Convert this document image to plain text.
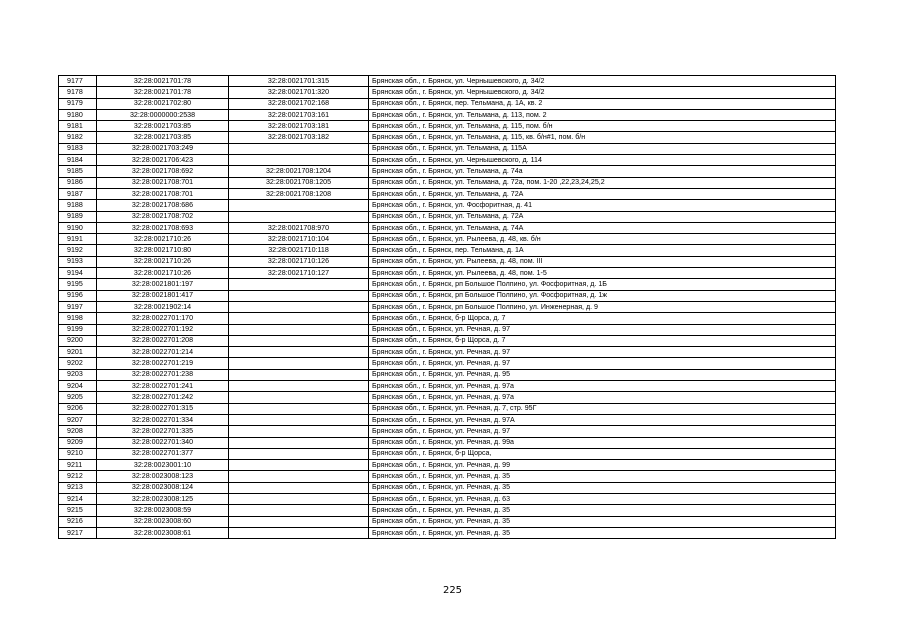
9177	32:28:0021701:78	32:28:0021701:315	Брянская обл., г. Брянск, ул. Чернышевского, д. 34/2
9178	32:28:0021701:78	32:28:0021701:320	Брянская обл., г. Брянск, ул. Чернышевского, д. 34/2
9179	32:28:0021702:80	32:28:0021702:168	Брянская обл., г. Брянск, пер. Тельмана, д. 1А, кв. 2
9180	32:28:0000000:2538	32:28:0021703:161	Брянская обл., г. Брянск, ул. Тельмана, д. 113, пом. 2
9181	32:28:0021703:85	32:28:0021703:181	Брянская обл., г. Брянск, ул. Тельмана, д. 115, пом. б/н
9182	32:28:0021703:85	32:28:0021703:182	Брянская обл., г. Брянск, ул. Тельмана, д. 115, кв. б/н#1, пом. б/н
9183	32:28:0021703:249		Брянская обл., г. Брянск, ул. Тельмана, д. 115А
9184	32:28:0021706:423		Брянская обл., г. Брянск, ул. Чернышевского, д. 114
9185	32:28:0021708:692	32:28:0021708:1204	Брянская обл., г. Брянск, ул. Тельмана, д. 74а
9186	32:28:0021708:701	32:28:0021708:1205	Брянская обл., г. Брянск, ул. Тельмана, д. 72а, пом. 1-20 ,22,23,24,25,2
9187	32:28:0021708:701	32:28:0021708:1208	Брянская обл., г. Брянск, ул. Тельмана, д. 72А
9188	32:28:0021708:686		Брянская обл., г. Брянск, ул. Фосфоритная, д. 41
9189	32:28:0021708:702		Брянская обл., г. Брянск, ул. Тельмана, д. 72А
9190	32:28:0021708:693	32:28:0021708:970	Брянская обл., г. Брянск, ул. Тельмана, д. 74А
9191	32:28:0021710:26	32:28:0021710:104	Брянская обл., г. Брянск, ул. Рылеева, д. 48, кв. б/н
9192	32:28:0021710:80	32:28:0021710:118	Брянская обл., г. Брянск, пер. Тельмана, д. 1А
9193	32:28:0021710:26	32:28:0021710:126	Брянская обл., г. Брянск, ул. Рылеева, д. 48, пом. III
9194	32:28:0021710:26	32:28:0021710:127	Брянская обл., г. Брянск, ул. Рылеева, д. 48, пом. 1-5
9195	32:28:0021801:197		Брянская обл., г. Брянск, рп Большое Полпино, ул. Фосфоритная, д. 1Б
9196	32:28:0021801:417		Брянская обл., г. Брянск, рп Большое Полпино, ул. Фосфоритная, д. 1ж
9197	32:28:0021902:14		Брянская обл., г. Брянск, рп Большое Полпино, ул. Инженерная, д. 9
9198	32:28:0022701:170		Брянская обл., г. Брянск, б-р Щорса, д. 7
9199	32:28:0022701:192		Брянская обл., г. Брянск, ул. Речная, д. 97
9200	32:28:0022701:208		Брянская обл., г. Брянск, б-р Щорса, д. 7
9201	32:28:0022701:214		Брянская обл., г. Брянск, ул. Речная, д. 97
9202	32:28:0022701:219		Брянская обл., г. Брянск, ул. Речная, д. 97
9203	32:28:0022701:238		Брянская обл., г. Брянск, ул. Речная, д. 95
9204	32:28:0022701:241		Брянская обл., г. Брянск, ул. Речная, д. 97а
9205	32:28:0022701:242		Брянская обл., г. Брянск, ул. Речная, д. 97а
9206	32:28:0022701:315		Брянская обл., г. Брянск, ул. Речная, д. 7, стр. 95Г
9207	32:28:0022701:334		Брянская обл., г. Брянск, ул. Речная, д. 97А
9208	32:28:0022701:335		Брянская обл., г. Брянск, ул. Речная, д. 97
9209	32:28:0022701:340		Брянская обл., г. Брянск, ул. Речная, д. 99а
9210	32:28:0022701:377		Брянская обл., г. Брянск, б-р Щорса,
9211	32:28:0023001:10		Брянская обл., г. Брянск, ул. Речная, д. 99
9212	32:28:0023008:123		Брянская обл., г. Брянск, ул. Речная, д. 35
9213	32:28:0023008:124		Брянская обл., г. Брянск, ул. Речная, д. 35
9214	32:28:0023008:125		Брянская обл., г. Брянск, ул. Речная, д. 63
9215	32:28:0023008:59		Брянская обл., г. Брянск, ул. Речная, д. 35
9216	32:28:0023008:60		Брянская обл., г. Брянск, ул. Речная, д. 35
9217	32:28:0023008:61		Брянская обл., г. Брянск, ул. Речная, д. 35
225
